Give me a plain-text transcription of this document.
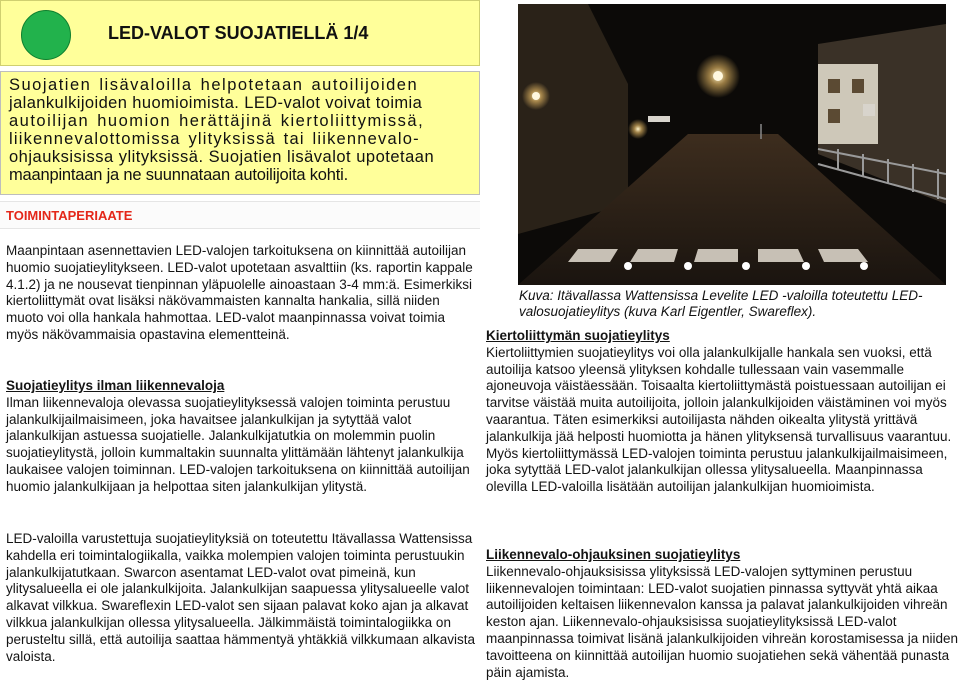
LED-VALOT SUOJATIELLÄ 1/4
Suojatien lisävaloilla helpotetaan autoilijoiden
jalankulkijoiden huomioimista. LED-valot voivat toimia
autoilijan huomion herättäjinä kiertoliittymissä,
liikennevalottomissa ylityksissä tai liikennevalo-
ohjauksisissa ylityksissä. Suojatien lisävalot upotetaan
maanpintaan ja ne suunnataan autoilijoita kohti.
Kuva: Itävallassa Wattensissa Levelite LED -valoilla toteutettu LED-valosuojatieylitys (kuva Karl Eigentler, Swareflex).
TOIMINTAPERIAATE

Maanpintaan asennettavien LED-valojen tarkoituksena on kiinnittää autoilijan huomio suojatieylitykseen. LED-valot upotetaan asvalttiin (ks. raportin kappale 4.1.2) ja ne nousevat tienpinnan yläpuolelle ainoastaan 3-4 mm:ä. Esimerkiksi kiertoliittymät ovat lisäksi näkövammaisten kannalta hankalia, sillä niiden muoto voi olla hankala hahmottaa. LED-valot maanpinnassa voivat toimia myös näkövammaisia opastavina elementteinä.

Suojatieylitys ilman liikennevaloja

Ilman liikennevaloja olevassa suojatieylityksessä valojen toiminta perustuu jalankulkijailmaisimeen, joka havaitsee jalankulkijan ja sytyttää valot jalankulkijan astuessa suojatielle. Jalankulkijatutkia on molemmin puolin suojatieylitystä, jolloin kummaltakin suunnalta ylittämään lähtenyt jalankulkija laukaisee valojen toiminnan. LED-valojen tarkoituksena on kiinnittää autoilijan huomio jalankulkijaan ja helpottaa siten jalankulkijan ylitystä.

LED-valoilla varustettuja suojatieylityksiä on toteutettu Itävallassa Wattensissa kahdella eri toimintalogiikalla, vaikka molempien valojen toiminta perustuukin jalankulkijatutkaan. Swarcon asentamat LED-valot ovat pimeinä, kun ylitysalueella ei ole jalankulkijoita. Jalankulkijan saapuessa ylitysalueelle valot alkavat vilkkua. Swareflexin LED-valot sen sijaan palavat koko ajan ja alkavat vilkkua jalankulkijan ollessa ylitysalueella. Jälkimmäistä toimintalogiikka on perusteltu sillä, että autoilija saattaa hämmentyä yhtäkkiä vilkkumaan alkavista valoista.

Kiertoliittymän suojatieylitys

Kiertoliittymien suojatieylitys voi olla jalankulkijalle hankala sen vuoksi, että autoilija katsoo yleensä ylityksen kohdalle tullessaan vain vasemmalle ajoneuvoja väistäessään. Toisaalta kiertoliittymästä poistuessaan autoilijan ei tarvitse väistää muita autoilijoita, jolloin jalankulkijoiden väistäminen voi myös vaarantua. Täten esimerkiksi autoilijasta nähden oikealta ylitystä yrittävä jalankulkija jää helposti huomiotta ja hänen ylityksensä turvallisuus vaarantuu. Myös kiertoliittymässä LED-valojen toiminta perustuu jalankulkijailmaisimeen, joka sytyttää LED-valot jalankulkijan ollessa ylitysalueella. Maanpinnassa olevilla LED-valoilla lisätään autoilijan jalankulkijan huomioimista.

Liikennevalo-ohjauksinen suojatieylitys

Liikennevalo-ohjauksisissa ylityksissä LED-valojen syttyminen perustuu liikennevalojen toimintaan: LED-valot suojatien pinnassa syttyvät yhtä aikaa autoilijoiden keltaisen liikennevalon kanssa ja palavat jalankulkijoiden vihreän keston ajan. Liikennevalo-ohjauksisissa suojatieylityksissä LED-valot maanpinnassa toimivat lisänä jalankulkijoiden vihreän korostamisessa ja niiden tavoitteena on kiinnittää autoilijan huomio suojatiehen sekä vähentää punasta päin ajamista.
